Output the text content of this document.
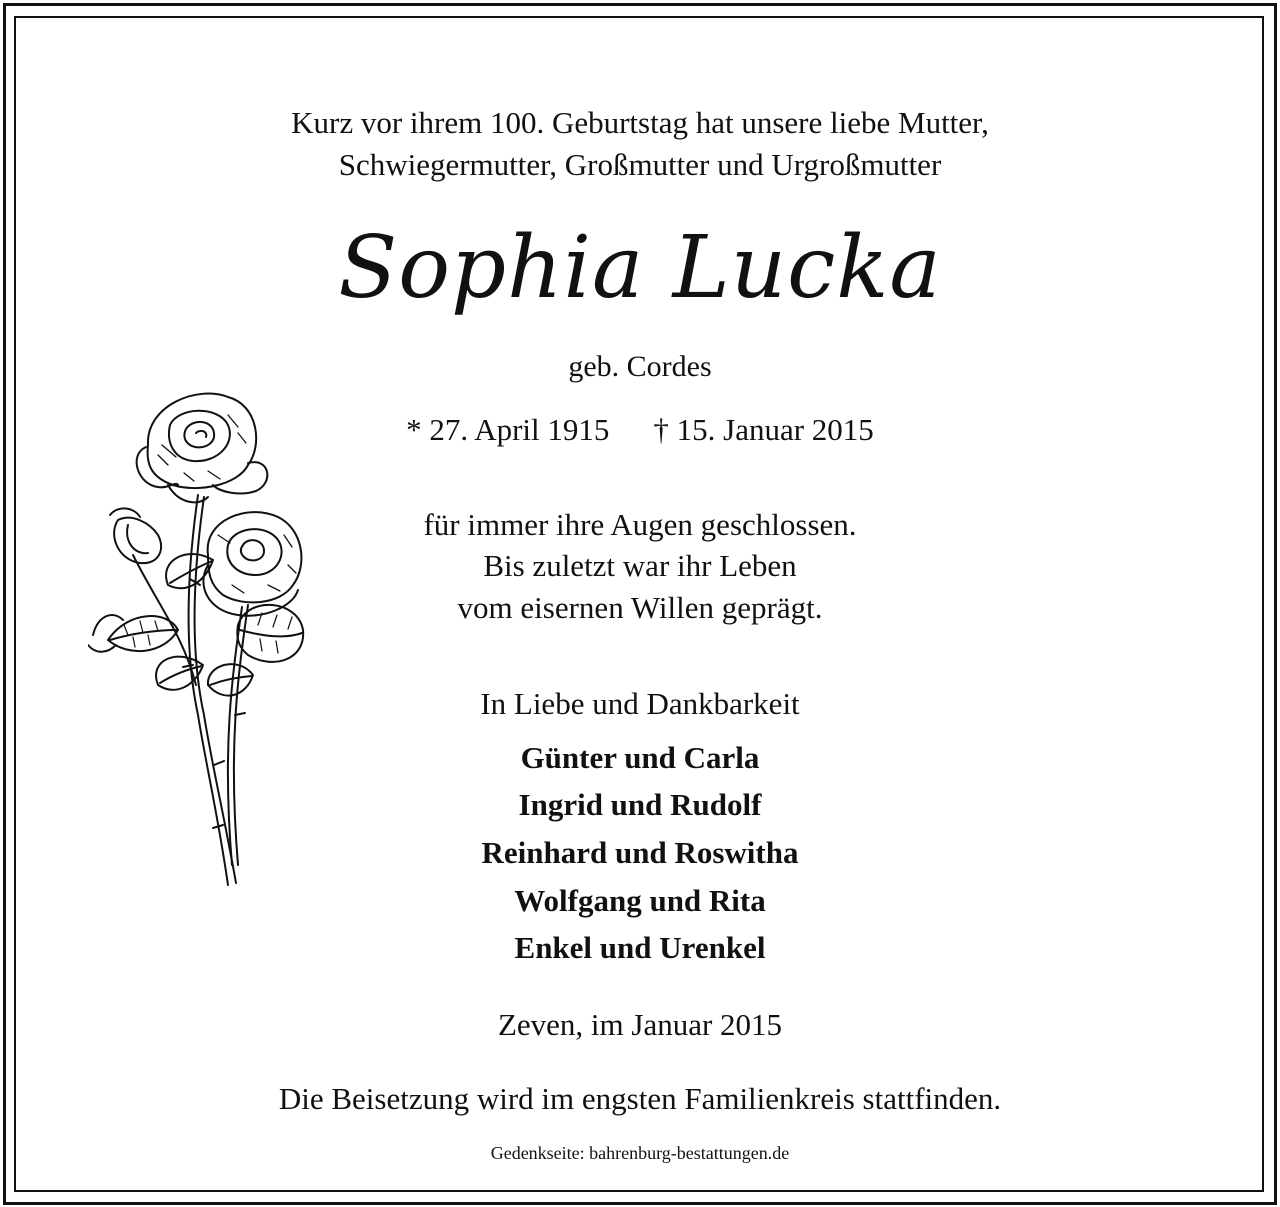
Kurz vor ihrem 100. Geburtstag hat unsere liebe Mutter,
Schwiegermutter, Großmutter und Urgroßmutter
Sophia Lucka
geb. Cordes
* 27. April 1915 † 15. Januar 2015
für immer ihre Augen geschlossen.
Bis zuletzt war ihr Leben
vom eisernen Willen geprägt.
In Liebe und Dankbarkeit
Günter und Carla
Ingrid und Rudolf
Reinhard und Roswitha
Wolfgang und Rita
Enkel und Urenkel
Zeven, im Januar 2015
Die Beisetzung wird im engsten Familienkreis stattfinden.
Gedenkseite: bahrenburg-bestattungen.de
